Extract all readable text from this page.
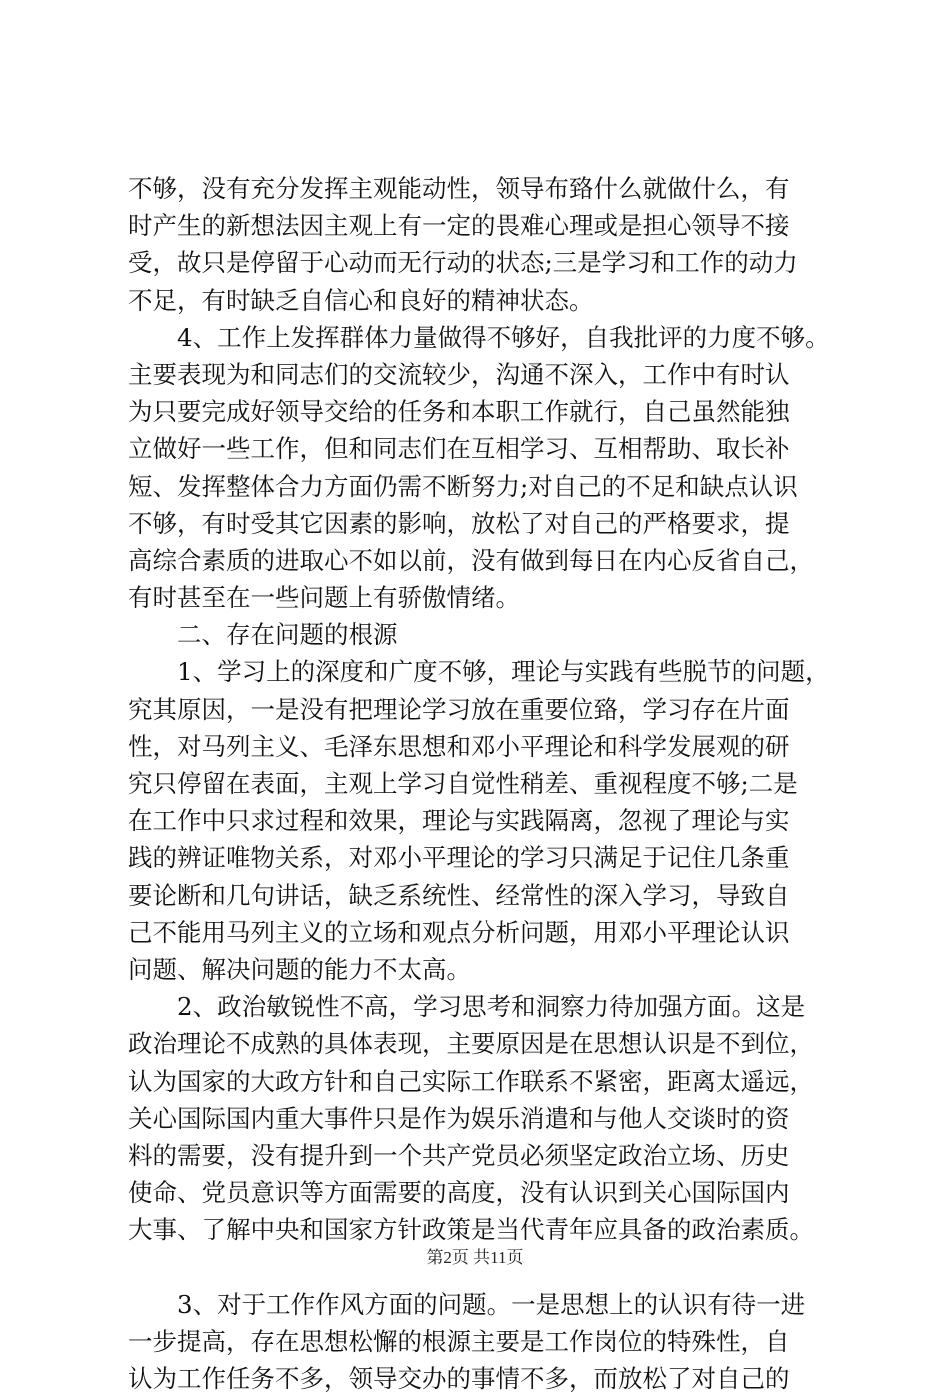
不够，没有充分发挥主观能动性，领导布臵什么就做什么，有
时产生的新想法因主观上有一定的畏难心理或是担心领导不接
受，故只是停留于心动而无行动的状态;三是学习和工作的动力
不足，有时缺乏自信心和良好的精神状态。
4、工作上发挥群体力量做得不够好，自我批评的力度不够。
主要表现为和同志们的交流较少，沟通不深入，工作中有时认
为只要完成好领导交给的任务和本职工作就行，自己虽然能独
立做好一些工作，但和同志们在互相学习、互相帮助、取长补
短、发挥整体合力方面仍需不断努力;对自己的不足和缺点认识
不够，有时受其它因素的影响，放松了对自己的严格要求，提
高综合素质的进取心不如以前，没有做到每日在内心反省自己，
有时甚至在一些问题上有骄傲情绪。
二、存在问题的根源
1、学习上的深度和广度不够，理论与实践有些脱节的问题，
究其原因，一是没有把理论学习放在重要位臵，学习存在片面
性，对马列主义、毛泽东思想和邓小平理论和科学发展观的研
究只停留在表面，主观上学习自觉性稍差、重视程度不够;二是
在工作中只求过程和效果，理论与实践隔离，忽视了理论与实
践的辨证唯物关系，对邓小平理论的学习只满足于记住几条重
要论断和几句讲话，缺乏系统性、经常性的深入学习，导致自
己不能用马列主义的立场和观点分析问题，用邓小平理论认识
问题、解决问题的能力不太高。
2、政治敏锐性不高，学习思考和洞察力待加强方面。这是
政治理论不成熟的具体表现，主要原因是在思想认识是不到位，
认为国家的大政方针和自己实际工作联系不紧密，距离太遥远，
关心国际国内重大事件只是作为娱乐消遣和与他人交谈时的资
料的需要，没有提升到一个共产党员必须坚定政治立场、历史
使命、党员意识等方面需要的高度，没有认识到关心国际国内
大事、了解中央和国家方针政策是当代青年应具备的政治素质。
3、对于工作作风方面的问题。一是思想上的认识有待一进
一步提高，存在思想松懈的根源主要是工作岗位的特殊性，自
认为工作任务不多，领导交办的事情不多，而放松了对自己的
第2页 共11页
